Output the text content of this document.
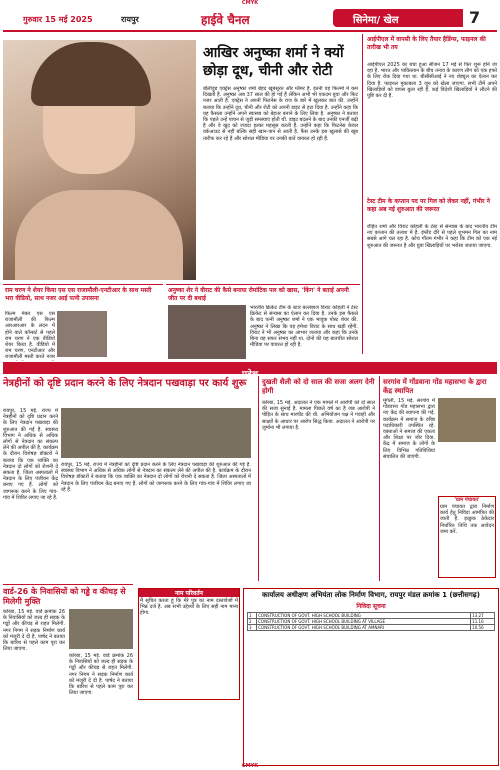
CMYK
गुरुवार 15 मई 2025	रायपुर	हाईवे चैनल	सिनेमा/ खेल	7
आखिर अनुष्का शर्मा ने क्यों
छोड़ा दूध, चीनी और रोटी
बॉलीवुड एक्ट्रेस अनुष्का शर्मा बेहद खूबसूरत और ग्लैमर है. इतनी वह फिल्मों में कम दिखती हैं. अनुष्का अब 37 साल की हो गई हैं लेकिन अभी भी एकदम युवा और फिट नजर आती हैं. एक्ट्रेस ने अपनी फिटनेस के राज के बारे में खुलकर बात की. उन्होंने बताया कि उन्होंने दूध, चीनी और रोटी को अपनी डाइट से हटा दिया है. उन्होंने कहा कि यह फैसला उन्होंने अपने स्वास्थ्य को बेहतर बनाने के लिए लिया है. अनुष्का ने बताया कि पहले उन्हें पाचन से जुड़ी समस्याएं होती थीं. डाइट बदलने के बाद उनकी एनर्जी बढ़ी है और वे खुद को ज्यादा हल्का महसूस करती हैं. उन्होंने कहा कि फिटनेस केवल वर्कआउट से नहीं बल्कि सही खान-पान से आती है. फैंस उनके इस खुलासे की खूब तारीफ कर रहे हैं और सोशल मीडिया पर उनकी बातें वायरल हो रही हैं.
आईपीएल में वापसी के लिए तैयार हैडिंग्स, फाइनल की तारीख भी तय
आईपीएल 2025 का बचा हुआ सीजन 17 मई से फिर शुरू होने जा रहा है. भारत और पाकिस्तान के बीच तनाव के कारण लीग को एक हफ्ते के लिए रोक दिया गया था. बीसीसीआई ने नए शेड्यूल का ऐलान कर दिया है. फाइनल मुकाबला 3 जून को खेला जाएगा. सभी टीमें अपने खिलाड़ियों को वापस बुला रही हैं. कई विदेशी खिलाड़ियों ने लौटने की पुष्टि कर दी है.
टेस्ट टीम के कप्तान पद पर गिल को लेकर नहीं, गंभीर ने कहा अब नई शुरुआत की जरूरत
रोहित शर्मा और विराट कोहली के टेस्ट से संन्यास के बाद भारतीय टीम नए कप्तान की तलाश में है. इंग्लैंड दौरे से पहले शुभमन गिल का नाम सबसे आगे चल रहा है. कोच गौतम गंभीर ने कहा कि टीम को एक नई शुरुआत की जरूरत है और युवा खिलाड़ियों पर भरोसा जताया जाएगा.
राम चरण ने शेयर किया एस एस राजामौली-एनटीआर के साथ मस्ती भरा वीडियो, साथ नजर आई पत्नी उपासना
फिल्म मेकर एस एस राजामौली की फिल्म आरआरआर के लंदन में होने वाले कॉन्सर्ट से पहले राम चरण ने एक वीडियो शेयर किया है. वीडियो में राम चरण, एनटीआर और राजामौली मस्ती करते नजर
अनुष्का शेर ने वीराट की कैसे बनाया रोमांटिक पल को खास, 'किंग' ने बताई अपनी जीत पर दी बधाई
भारतीय क्रिकेट टीम के स्टार बल्लेबाज विराट कोहली ने टेस्ट क्रिकेट से संन्यास का ऐलान कर दिया है. उनके इस फैसले के बाद पत्नी अनुष्का शर्मा ने एक भावुक पोस्ट शेयर की. अनुष्का ने लिखा कि वह हमेशा विराट के साथ खड़ी रहेंगी. विराट ने भी अनुष्का का आभार जताया और कहा कि उनके बिना यह सफर संभव नहीं था. दोनों की यह बातचीत सोशल मीडिया पर वायरल हो रही है.
प्रदेश
नेत्रहीनों को दृष्टि प्रदान करने के लिए नेत्रदान पखवाड़ा पर कार्य शुरू
रायपुर, 15 मई. राज्य में नेत्रहीनों को दृष्टि प्रदान करने के लिए नेत्रदान पखवाड़ा की शुरुआत की गई है. स्वास्थ्य विभाग ने अधिक से अधिक लोगों से नेत्रदान का संकल्प लेने की अपील की है. कार्यक्रम के दौरान विशेषज्ञ डॉक्टरों ने बताया कि एक व्यक्ति का नेत्रदान दो लोगों को रोशनी दे सकता है. जिला अस्पतालों में नेत्रदान के लिए पंजीयन केंद्र बनाए गए हैं. लोगों को जागरूक करने के लिए गांव-गांव में शिविर लगाए जा रहे हैं.
रायपुर, 15 मई. राज्य में नेत्रहीनों को दृष्टि प्रदान करने के लिए नेत्रदान पखवाड़ा की शुरुआत की गई है. स्वास्थ्य विभाग ने अधिक से अधिक लोगों से नेत्रदान का संकल्प लेने की अपील की है. कार्यक्रम के दौरान विशेषज्ञ डॉक्टरों ने बताया कि एक व्यक्ति का नेत्रदान दो लोगों को रोशनी दे सकता है. जिला अस्पतालों में नेत्रदान के लिए पंजीयन केंद्र बनाए गए हैं. लोगों को जागरूक करने के लिए गांव-गांव में शिविर लगाए जा रहे हैं.
दुखती शैली को दो साल की सजा अलग देनी होगी
कोरबा, 15 मई. अदालत ने एक मामले में आरोपी को दो साल की सजा सुनाई है. मामला पिछले वर्ष का है जब आरोपी ने पीड़ित के साथ मारपीट की थी. अभियोजन पक्ष ने गवाहों और साक्ष्यों के आधार पर आरोप सिद्ध किया. अदालत ने आरोपी पर जुर्माना भी लगाया है.
सरगांव में गोंडवाना गोंड महासभा के द्वारा केंद्र स्थापित
मुंगेली, 15 मई. सरगांव में गोंडवाना गोंड महासभा द्वारा नए केंद्र की स्थापना की गई. कार्यक्रम में समाज के वरिष्ठ पदाधिकारी उपस्थित रहे. वक्ताओं ने समाज की एकता और शिक्षा पर जोर दिया. केंद्र में समाज के लोगों के लिए विभिन्न गतिविधियां संचालित की जाएंगी.
'ग्राम पंचायत'
ग्राम पंचायत द्वारा निर्माण कार्य हेतु निविदा आमंत्रित की जाती है. इच्छुक ठेकेदार निर्धारित तिथि तक आवेदन जमा करें.
वार्ड-26 के निवासियों को गड्ढे व कीचड़ से मिलेगी मुक्ति
कोरबा, 15 मई. वार्ड क्रमांक 26 के निवासियों को जल्द ही सड़क के गड्ढों और कीचड़ से राहत मिलेगी. नगर निगम ने सड़क निर्माण कार्य को मंजूरी दे दी है. पार्षद ने बताया कि बारिश से पहले काम पूरा कर लिया जाएगा.
कोरबा, 15 मई. वार्ड क्रमांक 26 के निवासियों को जल्द ही सड़क के गड्ढों और कीचड़ से राहत मिलेगी. नगर निगम ने सड़क निर्माण कार्य को मंजूरी दे दी है. पार्षद ने बताया कि बारिश से पहले काम पूरा कर लिया जाएगा.
नाम परिवर्तन
मैं सूचित करता हूं कि मेरे पुत्र का नाम दस्तावेजों में भिन्न दर्ज है. अब सभी उद्देश्यों के लिए सही नाम मान्य होगा.
कार्यालय अधीक्षण अभियंता लोक निर्माण विभाग, रायपुर मंडल क्रमांक 1 (छत्तीसगढ़)
निविदा सूचना
1	CONSTRUCTION OF GOVT. HIGH SCHOOL BUILDING	13.27
2	CONSTRUCTION OF GOVT. HIGH SCHOOL BUILDING AT VILLAGE	11.16
3	CONSTRUCTION OF GOVT. HIGH SCHOOL BUILDING AT AMNARI	10.56
CMYK
